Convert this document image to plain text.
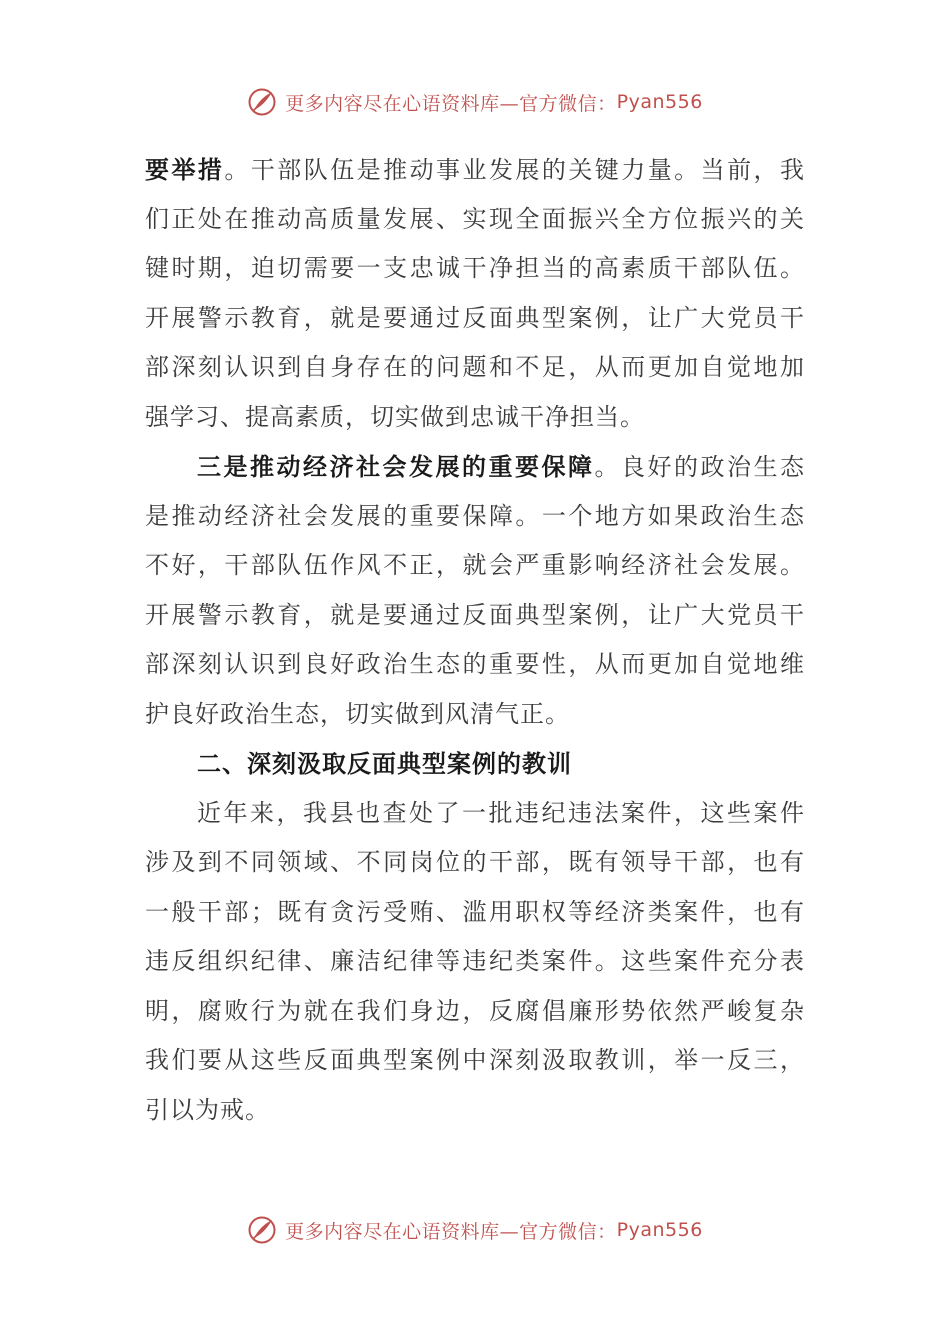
更多内容尽在心语资料库—官方微信： Pyan556
要举措。干部队伍是推动事业发展的关键力量。当前，我
们正处在推动高质量发展、实现全面振兴全方位振兴的关
键时期，迫切需要一支忠诚干净担当的高素质干部队伍。
开展警示教育，就是要通过反面典型案例，让广大党员干
部深刻认识到自身存在的问题和不足，从而更加自觉地加
强学习、提高素质，切实做到忠诚干净担当。
三是推动经济社会发展的重要保障。良好的政治生态
是推动经济社会发展的重要保障。一个地方如果政治生态
不好，干部队伍作风不正，就会严重影响经济社会发展。
开展警示教育，就是要通过反面典型案例，让广大党员干
部深刻认识到良好政治生态的重要性，从而更加自觉地维
护良好政治生态，切实做到风清气正。
二、深刻汲取反面典型案例的教训
近年来，我县也查处了一批违纪违法案件，这些案件
涉及到不同领域、不同岗位的干部，既有领导干部，也有
一般干部；既有贪污受贿、滥用职权等经济类案件，也有
违反组织纪律、廉洁纪律等违纪类案件。这些案件充分表
明，腐败行为就在我们身边，反腐倡廉形势依然严峻复杂
我们要从这些反面典型案例中深刻汲取教训，举一反三，
引以为戒。
更多内容尽在心语资料库—官方微信： Pyan556
